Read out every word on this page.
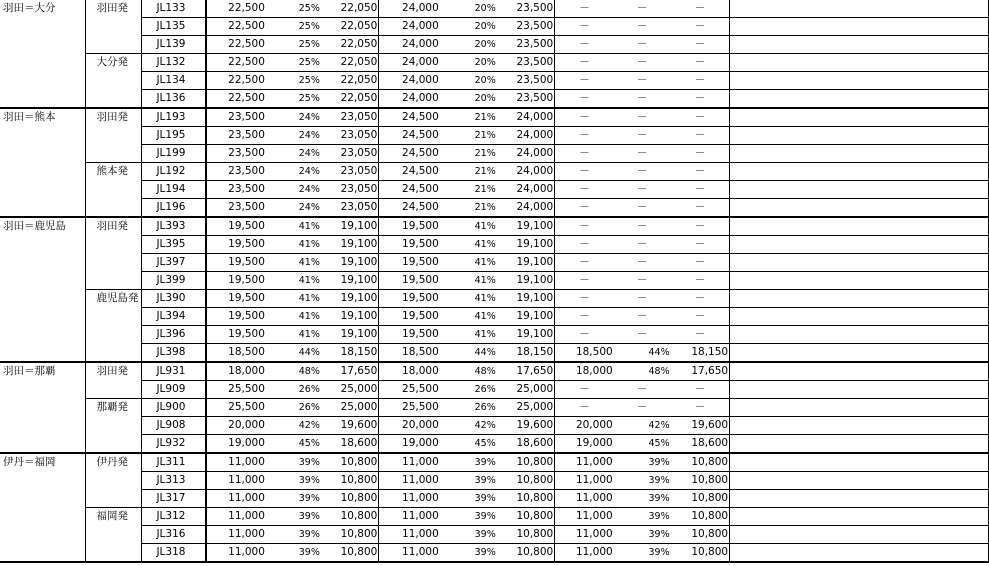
羽田＝大分	羽田発	JL133	22,500	25%	22,050	24,000	20%	23,500	－	－	－	
		JL135	22,500	25%	22,050	24,000	20%	23,500	－	－	－	
		JL139	22,500	25%	22,050	24,000	20%	23,500	－	－	－	
	大分発	JL132	22,500	25%	22,050	24,000	20%	23,500	－	－	－	
		JL134	22,500	25%	22,050	24,000	20%	23,500	－	－	－	
		JL136	22,500	25%	22,050	24,000	20%	23,500	－	－	－	
羽田＝熊本	羽田発	JL193	23,500	24%	23,050	24,500	21%	24,000	－	－	－	
		JL195	23,500	24%	23,050	24,500	21%	24,000	－	－	－	
		JL199	23,500	24%	23,050	24,500	21%	24,000	－	－	－	
	熊本発	JL192	23,500	24%	23,050	24,500	21%	24,000	－	－	－	
		JL194	23,500	24%	23,050	24,500	21%	24,000	－	－	－	
		JL196	23,500	24%	23,050	24,500	21%	24,000	－	－	－	
羽田＝鹿児島	羽田発	JL393	19,500	41%	19,100	19,500	41%	19,100	－	－	－	
		JL395	19,500	41%	19,100	19,500	41%	19,100	－	－	－	
		JL397	19,500	41%	19,100	19,500	41%	19,100	－	－	－	
		JL399	19,500	41%	19,100	19,500	41%	19,100	－	－	－	
	鹿児島発	JL390	19,500	41%	19,100	19,500	41%	19,100	－	－	－	
		JL394	19,500	41%	19,100	19,500	41%	19,100	－	－	－	
		JL396	19,500	41%	19,100	19,500	41%	19,100	－	－	－	
		JL398	18,500	44%	18,150	18,500	44%	18,150	18,500	44%	18,150	
羽田＝那覇	羽田発	JL931	18,000	48%	17,650	18,000	48%	17,650	18,000	48%	17,650	
		JL909	25,500	26%	25,000	25,500	26%	25,000	－	－	－	
	那覇発	JL900	25,500	26%	25,000	25,500	26%	25,000	－	－	－	
		JL908	20,000	42%	19,600	20,000	42%	19,600	20,000	42%	19,600	
		JL932	19,000	45%	18,600	19,000	45%	18,600	19,000	45%	18,600	
伊丹＝福岡	伊丹発	JL311	11,000	39%	10,800	11,000	39%	10,800	11,000	39%	10,800	
		JL313	11,000	39%	10,800	11,000	39%	10,800	11,000	39%	10,800	
		JL317	11,000	39%	10,800	11,000	39%	10,800	11,000	39%	10,800	
	福岡発	JL312	11,000	39%	10,800	11,000	39%	10,800	11,000	39%	10,800	
		JL316	11,000	39%	10,800	11,000	39%	10,800	11,000	39%	10,800	
		JL318	11,000	39%	10,800	11,000	39%	10,800	11,000	39%	10,800	
